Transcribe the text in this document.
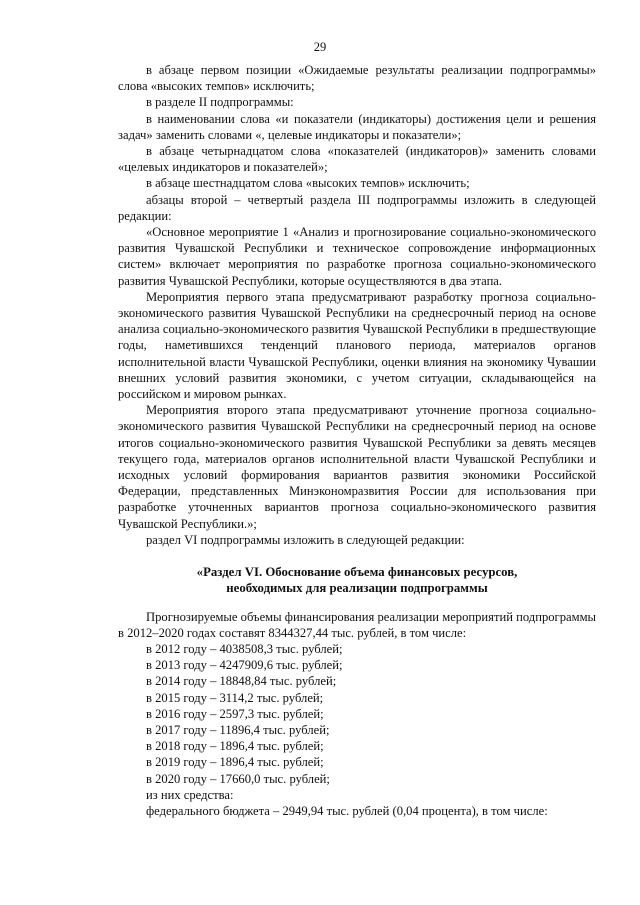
29

в абзаце первом позиции «Ожидаемые результаты реализации подпрограммы» слова «высоких темпов» исключить;

в разделе II подпрограммы:

в наименовании слова «и показатели (индикаторы) достижения цели и решения задач» заменить словами «, целевые индикаторы и показатели»;

в абзаце четырнадцатом слова «показателей (индикаторов)» заменить словами «целевых индикаторов и показателей»;

в абзаце шестнадцатом слова «высоких темпов» исключить;

абзацы второй – четвертый раздела III подпрограммы изложить в следующей редакции:

«Основное мероприятие 1 «Анализ и прогнозирование социально-экономического развития Чувашской Республики и техническое сопровождение информационных систем» включает мероприятия по разработке прогноза социально-экономического развития Чувашской Республики, которые осуществляются в два этапа.

Мероприятия первого этапа предусматривают разработку прогноза социально-экономического развития Чувашской Республики на среднесрочный период на основе анализа социально-экономического развития Чувашской Республики в предшествующие годы, наметившихся тенденций планового периода, материалов органов исполнительной власти Чувашской Республики, оценки влияния на экономику Чувашии внешних условий развития экономики, с учетом ситуации, складывающейся на российском и мировом рынках.

Мероприятия второго этапа предусматривают уточнение прогноза социально-экономического развития Чувашской Республики на среднесрочный период на основе итогов социально-экономического развития Чувашской Республики за девять месяцев текущего года, материалов органов исполнительной власти Чувашской Республики и исходных условий формирования вариантов развития экономики Российской Федерации, представленных Минэкономразвития России для использования при разработке уточненных вариантов прогноза социально-экономического развития Чувашской Республики.»;

раздел VI подпрограммы изложить в следующей редакции:

«Раздел VI. Обоснование объема финансовых ресурсов,
необходимых для реализации подпрограммы

Прогнозируемые объемы финансирования реализации мероприятий подпрограммы в 2012–2020 годах составят 8344327,44 тыс. рублей, в том числе:

в 2012 году – 4038508,3 тыс. рублей;

в 2013 году – 4247909,6 тыс. рублей;

в 2014 году – 18848,84 тыс. рублей;

в 2015 году – 3114,2 тыс. рублей;

в 2016 году – 2597,3 тыс. рублей;

в 2017 году – 11896,4 тыс. рублей;

в 2018 году – 1896,4 тыс. рублей;

в 2019 году – 1896,4 тыс. рублей;

в 2020 году – 17660,0 тыс. рублей;

из них средства:

федерального бюджета – 2949,94 тыс. рублей (0,04 процента), в том числе:
